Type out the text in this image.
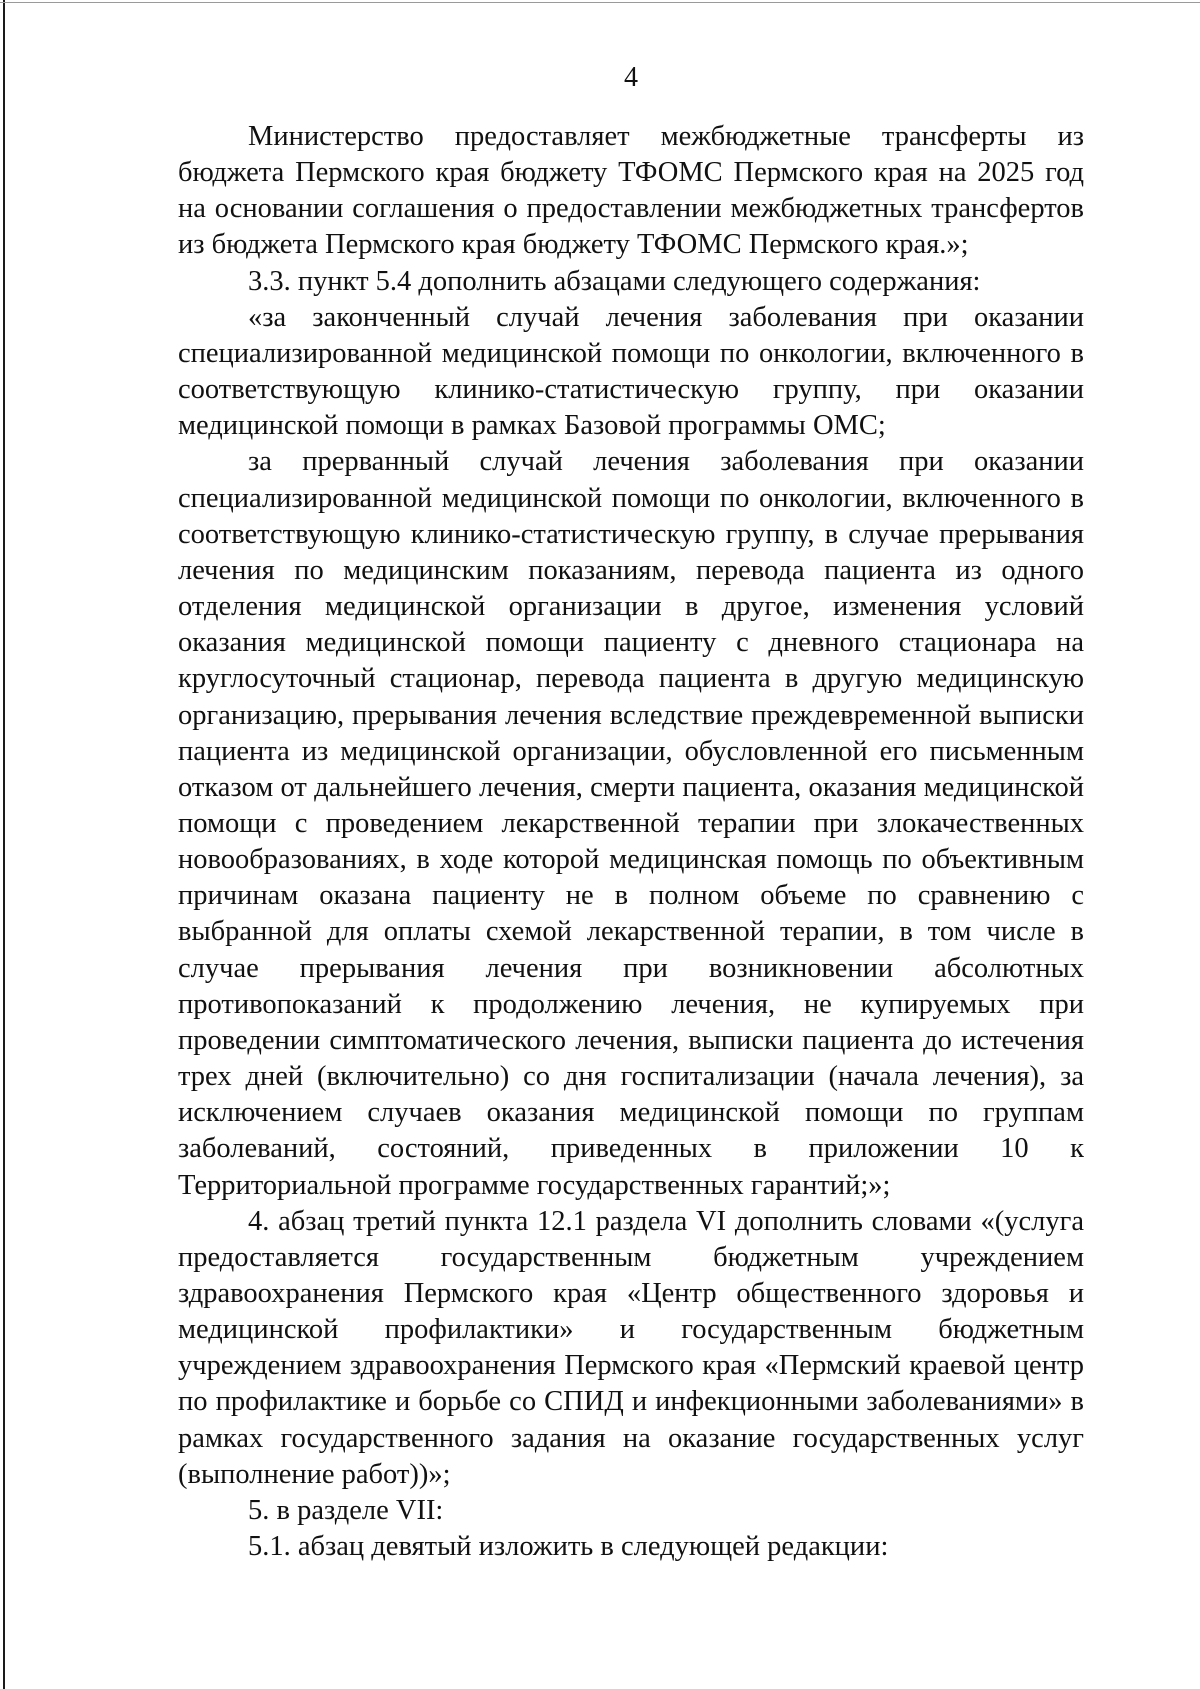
4

Министерство предоставляет межбюджетные трансферты из бюджета Пермского края бюджету ТФОМС Пермского края на 2025 год на основании соглашения о предоставлении межбюджетных трансфертов из бюджета Пермского края бюджету ТФОМС Пермского края.»;

3.3. пункт 5.4 дополнить абзацами следующего содержания:

«за законченный случай лечения заболевания при оказании специализированной медицинской помощи по онкологии, включенного в соответствующую клинико-статистическую группу, при оказании медицинской помощи в рамках Базовой программы ОМС;

за прерванный случай лечения заболевания при оказании специализированной медицинской помощи по онкологии, включенного в соответствующую клинико-статистическую группу, в случае прерывания лечения по медицинским показаниям, перевода пациента из одного отделения медицинской организации в другое, изменения условий оказания медицинской помощи пациенту с дневного стационара на круглосуточный стационар, перевода пациента в другую медицинскую организацию, прерывания лечения вследствие преждевременной выписки пациента из медицинской организации, обусловленной его письменным отказом от дальнейшего лечения, смерти пациента, оказания медицинской помощи с проведением лекарственной терапии при злокачественных новообразованиях, в ходе которой медицинская помощь по объективным причинам оказана пациенту не в полном объеме по сравнению с выбранной для оплаты схемой лекарственной терапии, в том числе в случае прерывания лечения при возникновении абсолютных противопоказаний к продолжению лечения, не купируемых при проведении симптоматического лечения, выписки пациента до истечения трех дней (включительно) со дня госпитализации (начала лечения), за исключением случаев оказания медицинской помощи по группам заболеваний, состояний, приведенных в приложении 10 к Территориальной программе государственных гарантий;»;

4. абзац третий пункта 12.1 раздела VI дополнить словами «(услуга предоставляется государственным бюджетным учреждением здравоохранения Пермского края «Центр общественного здоровья и медицинской профилактики» и государственным бюджетным учреждением здравоохранения Пермского края «Пермский краевой центр по профилактике и борьбе со СПИД и инфекционными заболеваниями» в рамках государственного задания на оказание государственных услуг (выполнение работ))»;

5. в разделе VII:

5.1. абзац девятый изложить в следующей редакции:
